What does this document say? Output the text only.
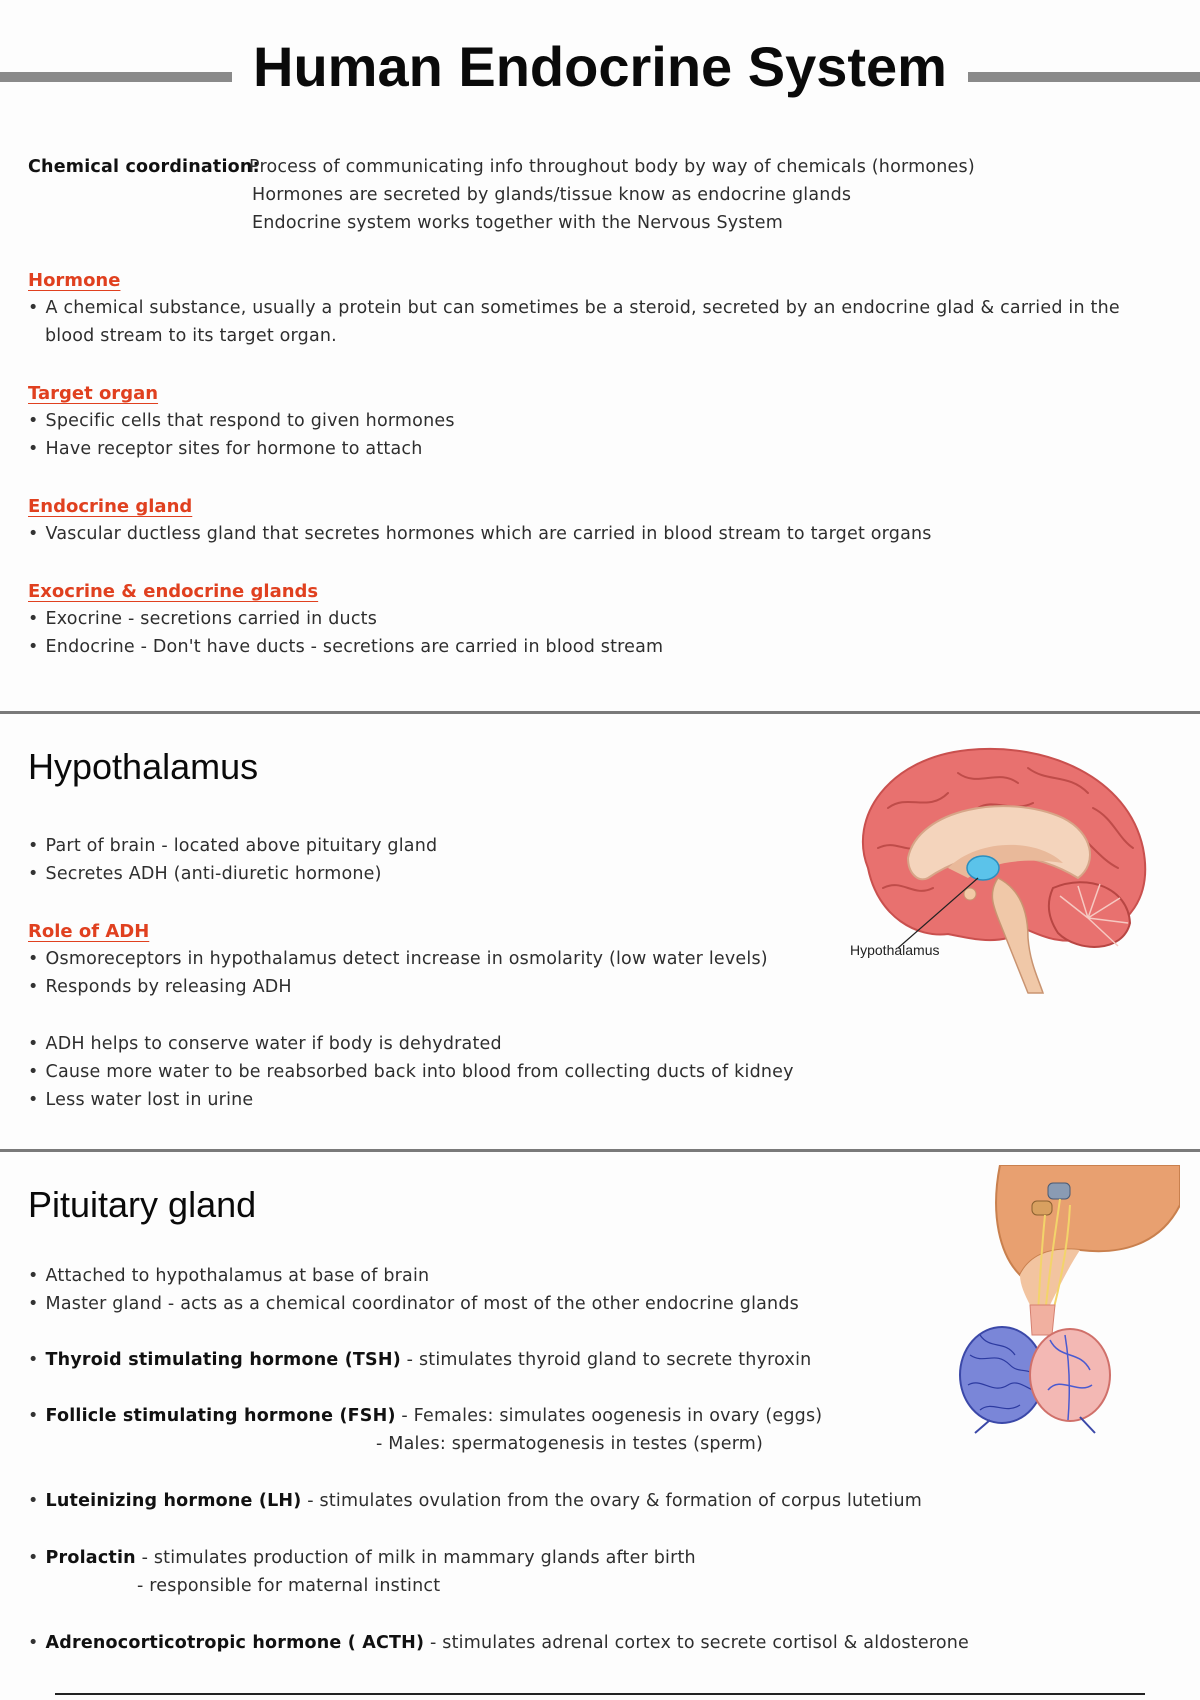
Human Endocrine System
Chemical coordination:
Process of communicating info throughout body by way of chemicals (hormones)
Hormones are secreted by glands/tissue know as endocrine glands
Endocrine system works together with the Nervous System
Hormone
• A chemical substance, usually a protein but can sometimes be a steroid, secreted by an endocrine glad & carried in the
blood stream to its target organ.
Target organ
• Specific cells that respond to given hormones
• Have receptor sites for hormone to attach
Endocrine gland
• Vascular ductless gland that secretes hormones which are carried in blood stream to target organs
Exocrine & endocrine glands
• Exocrine - secretions carried in ducts
• Endocrine - Don't have ducts - secretions are carried in blood stream
Hypothalamus
• Part of brain - located above pituitary gland
• Secretes ADH (anti-diuretic hormone)
Role of ADH
• Osmoreceptors in hypothalamus detect increase in osmolarity (low water levels)
• Responds by releasing ADH
• ADH helps to conserve water if body is dehydrated
• Cause more water to be reabsorbed back into blood from collecting ducts of kidney
• Less water lost in urine
Hypothalamus
Pituitary gland
• Attached to hypothalamus at base of brain
• Master gland - acts as a chemical coordinator of most of the other endocrine glands
• Thyroid stimulating hormone (TSH) - stimulates thyroid gland to secrete thyroxin
• Follicle stimulating hormone (FSH) - Females: simulates oogenesis in ovary (eggs)
- Males: spermatogenesis in testes (sperm)
• Luteinizing hormone (LH) - stimulates ovulation from the ovary & formation of corpus lutetium
• Prolactin - stimulates production of milk in mammary glands after birth
- responsible for maternal instinct
• Adrenocorticotropic hormone ( ACTH) - stimulates adrenal cortex to secrete cortisol & aldosterone
